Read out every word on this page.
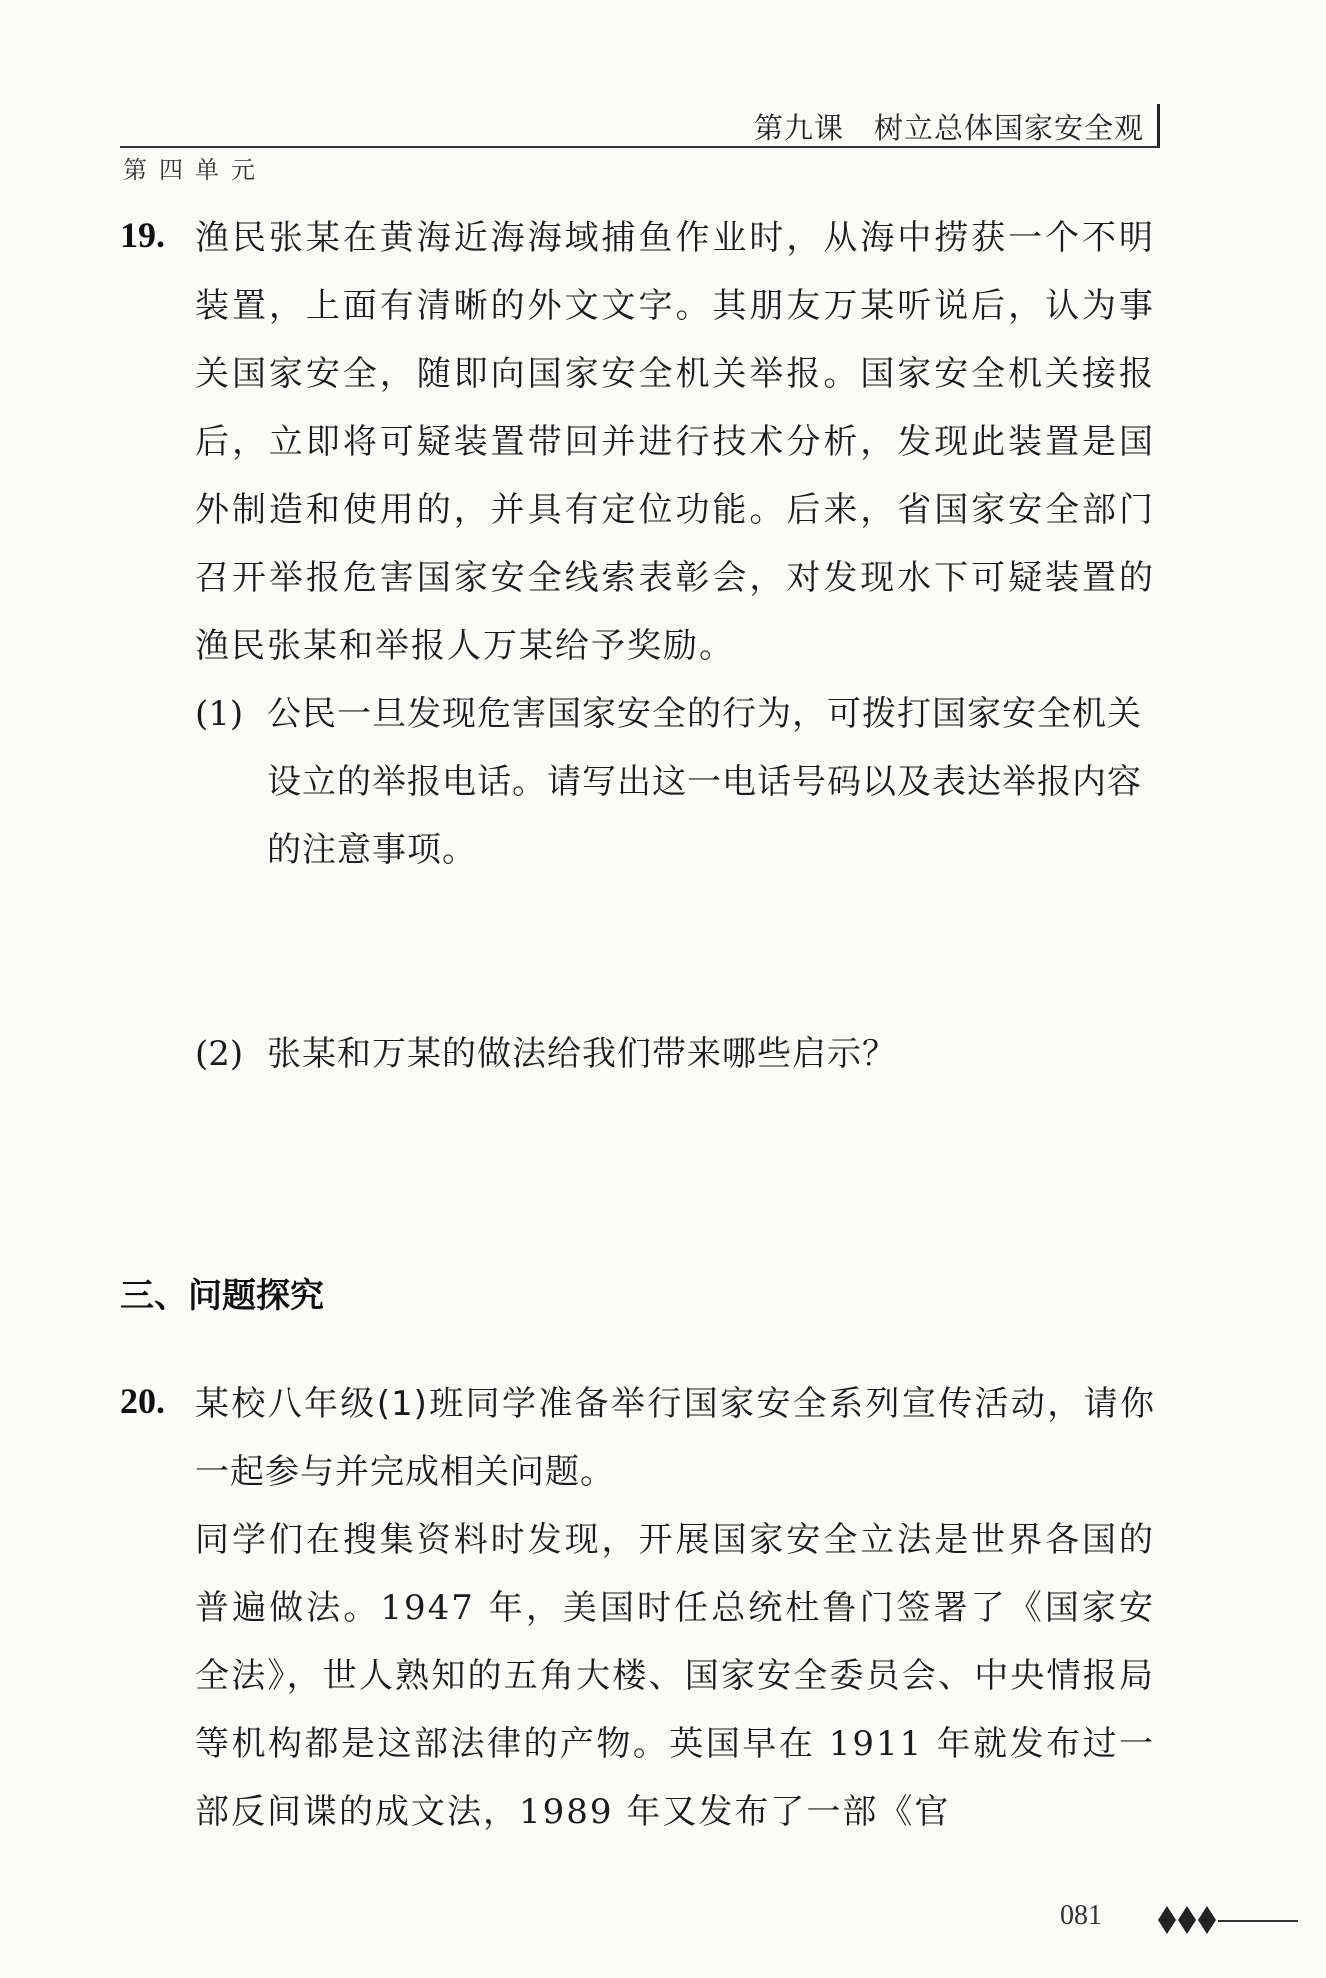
第九课　树立总体国家安全观
第四单元
19. 渔民张某在黄海近海海域捕鱼作业时，从海中捞获一个不明装置，上面有清晰的外文文字。其朋友万某听说后，认为事关国家安全，随即向国家安全机关举报。国家安全机关接报后，立即将可疑装置带回并进行技术分析，发现此装置是国外制造和使用的，并具有定位功能。后来，省国家安全部门召开举报危害国家安全线索表彰会，对发现水下可疑装置的渔民张某和举报人万某给予奖励。
(1) 公民一旦发现危害国家安全的行为，可拨打国家安全机关设立的举报电话。请写出这一电话号码以及表达举报内容的注意事项。
(2) 张某和万某的做法给我们带来哪些启示？
三、问题探究
20. 某校八年级(1)班同学准备举行国家安全系列宣传活动，请你一起参与并完成相关问题。
同学们在搜集资料时发现，开展国家安全立法是世界各国的普遍做法。1947 年，美国时任总统杜鲁门签署了《国家安全法》，世人熟知的五角大楼、国家安全委员会、中央情报局等机构都是这部法律的产物。英国早在 1911 年就发布过一部反间谍的成文法，1989 年又发布了一部《官
081
